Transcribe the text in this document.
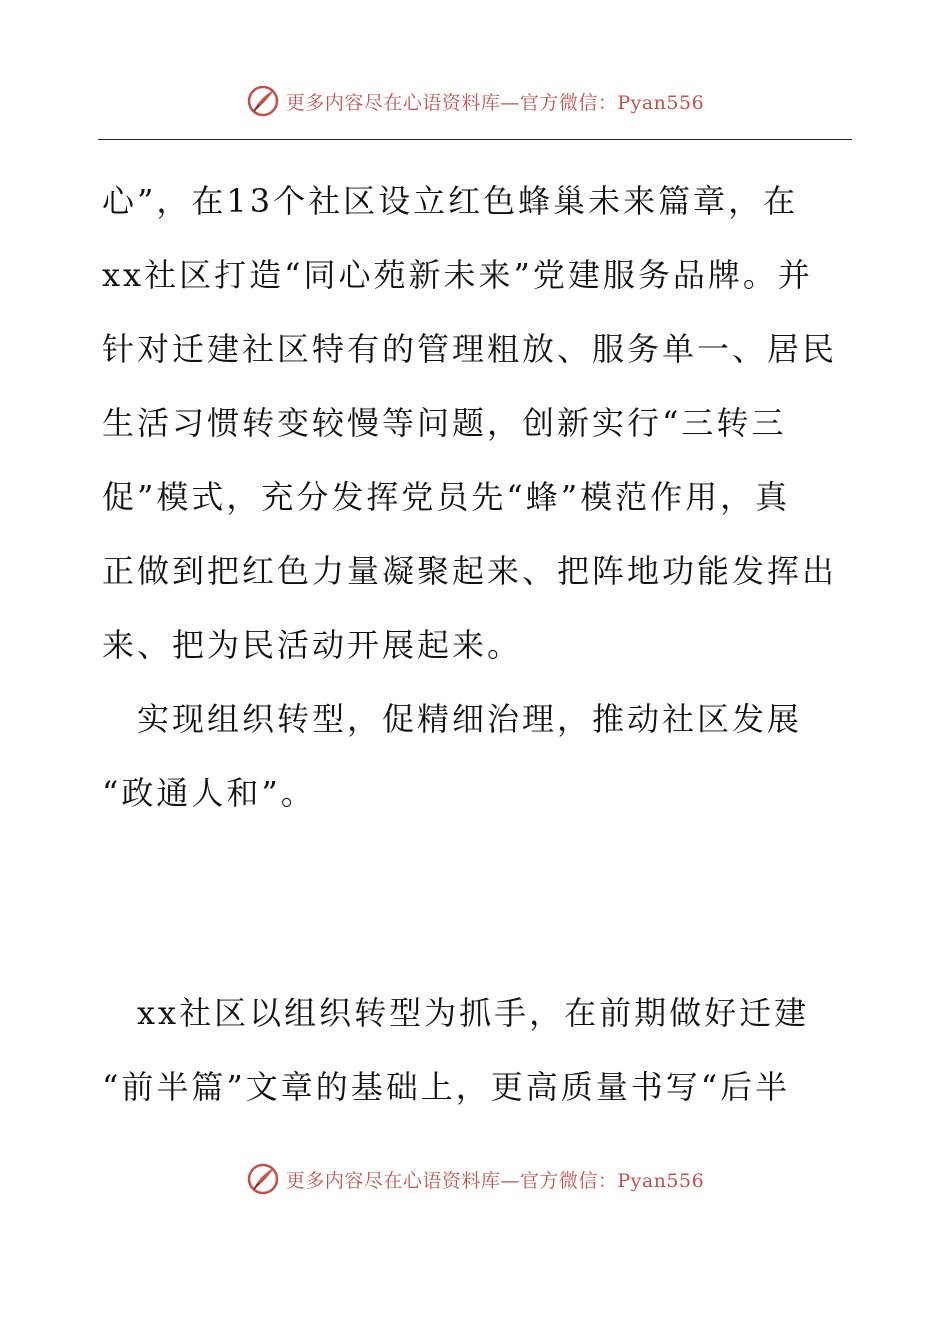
更多内容尽在心语资料库—官方微信：Pyan556
心”，在13个社区设立红色蜂巢未来篇章，在
xx社区打造“同心苑新未来”党建服务品牌。并
针对迁建社区特有的管理粗放、服务单一、居民
生活习惯转变较慢等问题，创新实行“三转三
促”模式，充分发挥党员先“蜂”模范作用，真
正做到把红色力量凝聚起来、把阵地功能发挥出
来、把为民活动开展起来。
　实现组织转型，促精细治理，推动社区发展
“政通人和”。
　xx社区以组织转型为抓手，在前期做好迁建
“前半篇”文章的基础上，更高质量书写“后半
更多内容尽在心语资料库—官方微信：Pyan556
